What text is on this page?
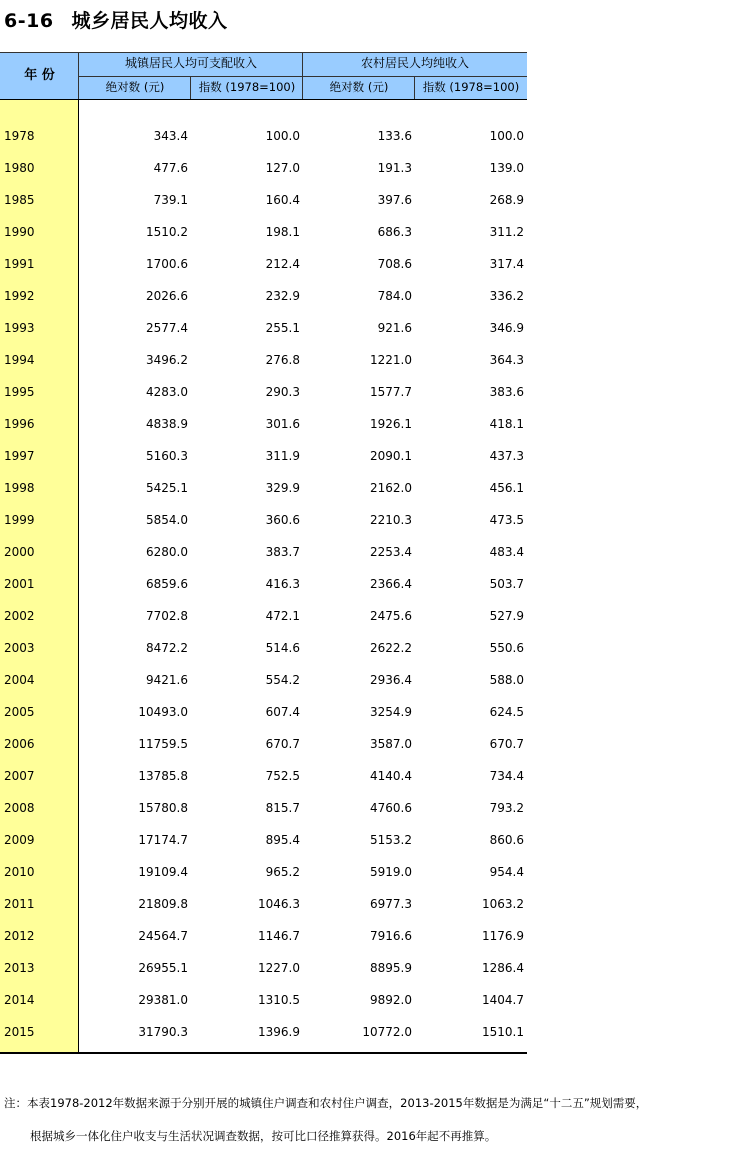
6-16 城乡居民人均收入
年 份
城镇居民人均可支配收入	农村居民人均纯收入
绝对数 (元)	指数 (1978=100)	绝对数 (元)	指数 (1978=100)
1978	343.4	100.0	133.6	100.0
1980	477.6	127.0	191.3	139.0
1985	739.1	160.4	397.6	268.9
1990	1510.2	198.1	686.3	311.2
1991	1700.6	212.4	708.6	317.4
1992	2026.6	232.9	784.0	336.2
1993	2577.4	255.1	921.6	346.9
1994	3496.2	276.8	1221.0	364.3
1995	4283.0	290.3	1577.7	383.6
1996	4838.9	301.6	1926.1	418.1
1997	5160.3	311.9	2090.1	437.3
1998	5425.1	329.9	2162.0	456.1
1999	5854.0	360.6	2210.3	473.5
2000	6280.0	383.7	2253.4	483.4
2001	6859.6	416.3	2366.4	503.7
2002	7702.8	472.1	2475.6	527.9
2003	8472.2	514.6	2622.2	550.6
2004	9421.6	554.2	2936.4	588.0
2005	10493.0	607.4	3254.9	624.5
2006	11759.5	670.7	3587.0	670.7
2007	13785.8	752.5	4140.4	734.4
2008	15780.8	815.7	4760.6	793.2
2009	17174.7	895.4	5153.2	860.6
2010	19109.4	965.2	5919.0	954.4
2011	21809.8	1046.3	6977.3	1063.2
2012	24564.7	1146.7	7916.6	1176.9
2013	26955.1	1227.0	8895.9	1286.4
2014	29381.0	1310.5	9892.0	1404.7
2015	31790.3	1396.9	10772.0	1510.1
注：本表1978-2012年数据来源于分别开展的城镇住户调查和农村住户调查，2013-2015年数据是为满足“十二五”规划需要，
根据城乡一体化住户收支与生活状况调查数据，按可比口径推算获得。2016年起不再推算。
